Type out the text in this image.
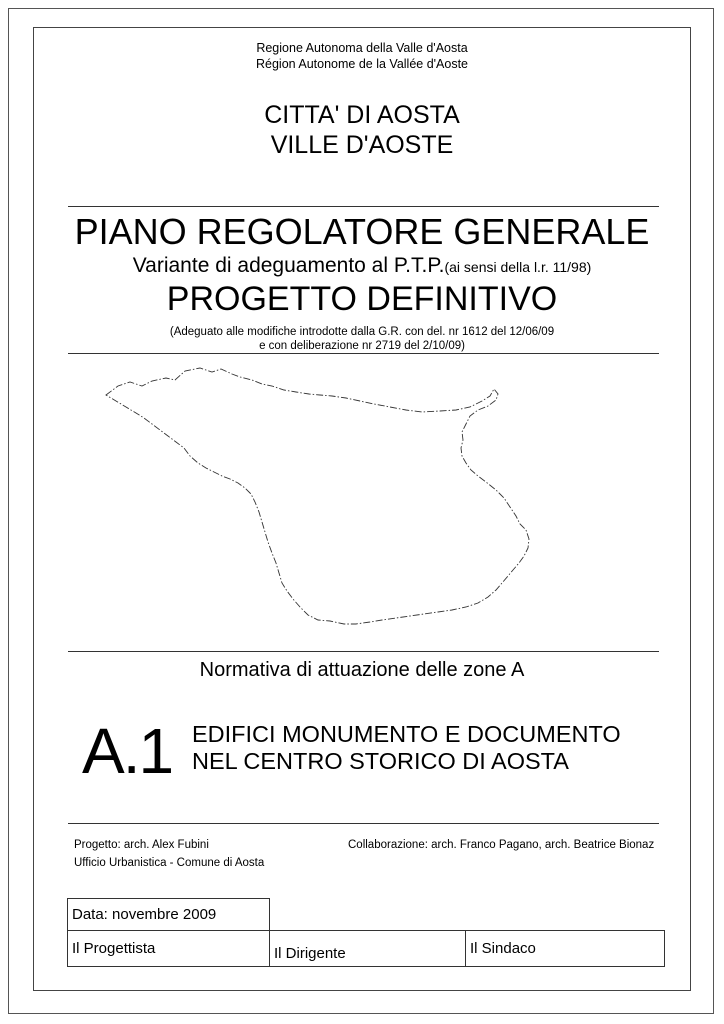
Regione Autonoma della Valle d'Aosta
Région Autonome de la Vallée d'Aoste
CITTA' DI AOSTA
VILLE D'AOSTE
PIANO REGOLATORE GENERALE
Variante di adeguamento al P.T.P.(ai sensi della l.r. 11/98)
PROGETTO DEFINITIVO
(Adeguato alle modifiche introdotte dalla G.R. con del. nr 1612 del 12/06/09
e con deliberazione nr 2719 del 2/10/09)
Normativa di attuazione delle zone A
A.1 EDIFICI MONUMENTO E DOCUMENTO
NEL CENTRO STORICO DI AOSTA
Progetto: arch. Alex Fubini
Ufficio Urbanistica - Comune di Aosta
Collaborazione: arch. Franco Pagano, arch. Beatrice Bionaz
Data: novembre 2009
Il Progettista	Il Dirigente	Il Sindaco
